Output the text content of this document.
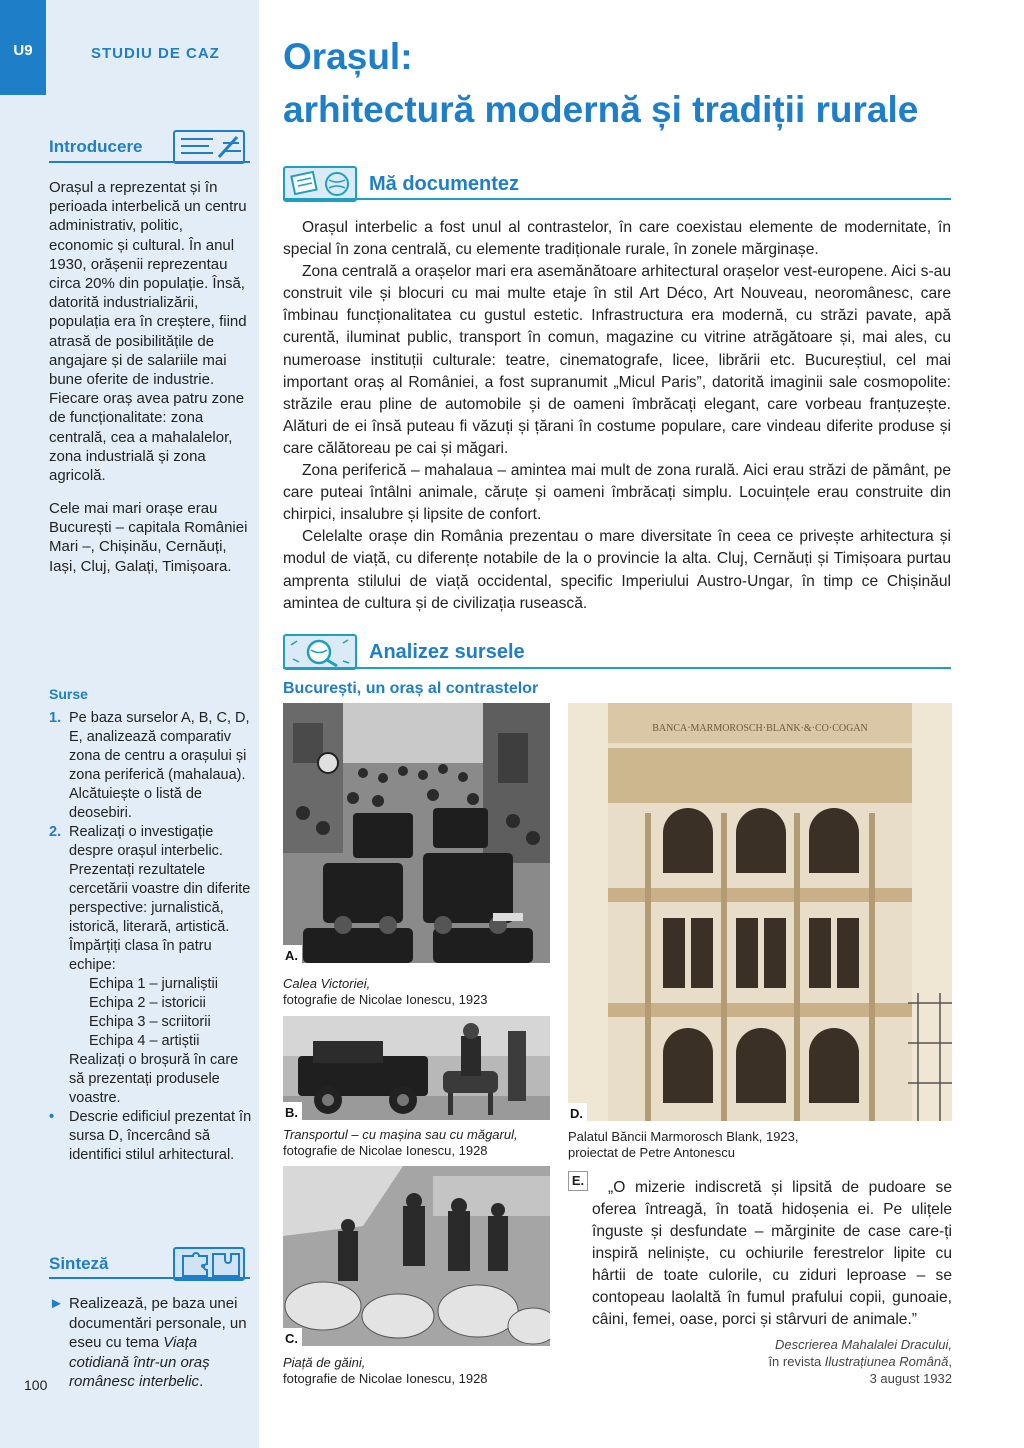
U9	STUDIU DE CAZ
Introducere
Orașul a reprezentat și în perioada interbelică un centru administrativ, politic, economic și cultural. În anul 1930, orășenii reprezentau circa 20% din populație. Însă, datorită industrializării, populația era în creștere, fiind atrasă de posibilitățile de angajare și de salariile mai bune oferite de industrie. Fiecare oraș avea patru zone de funcționalitate: zona centrală, cea a mahalalelor, zona industrială și zona agricolă.
Cele mai mari orașe erau București – capitala României Mari –, Chișinău, Cernăuți, Iași, Cluj, Galați, Timișoara.
Surse
1. Pe baza surselor A, B, C, D, E, analizează comparativ zona de centru a orașului și zona periferică (mahalaua). Alcătuiește o listă de deosebiri.
2. Realizați o investigație despre orașul interbelic. Prezentați rezultatele cercetării voastre din diferite perspective: jurnalistică, istorică, literară, artistică. Împărțiți clasa în patru echipe:
Echipa 1 – jurnaliștii
Echipa 2 – istoricii
Echipa 3 – scriitorii
Echipa 4 – artiștii
Realizați o broșură în care să prezentați produsele voastre.
• Descrie edificiul prezentat în sursa D, încercând să identifici stilul arhitectural.
Sinteză
► Realizează, pe baza unei documentări personale, un eseu cu tema Viața cotidiană într-un oraș românesc interbelic.
100
Orașul:
arhitectură modernă și tradiții rurale
Mă documentez

Orașul interbelic a fost unul al contrastelor, în care coexistau elemente de modernitate, în special în zona centrală, cu elemente tradiționale rurale, în zonele mărginașe.

Zona centrală a orașelor mari era asemănătoare arhitectural orașelor vest-europene. Aici s-au construit vile și blocuri cu mai multe etaje în stil Art Déco, Art Nouveau, neoromânesc, care îmbinau funcționalitatea cu gustul estetic. Infrastructura era modernă, cu străzi pavate, apă curentă, iluminat public, transport în comun, magazine cu vitrine atrăgătoare și, mai ales, cu numeroase instituții culturale: teatre, cinematografe, licee, librării etc. Bucureștiul, cel mai important oraș al României, a fost supranumit „Micul Paris”, datorită imaginii sale cosmopolite: străzile erau pline de automobile și de oameni îmbrăcați elegant, care vorbeau franțuzește. Alături de ei însă puteau fi văzuți și țărani în costume populare, care vindeau diferite produse și care călătoreau pe cai și măgari.

Zona periferică – mahalaua – amintea mai mult de zona rurală. Aici erau străzi de pământ, pe care puteai întâlni animale, căruțe și oameni îmbrăcați simplu. Locuințele erau construite din chirpici, insalubre și lipsite de confort.

Celelalte orașe din România prezentau o mare diversitate în ceea ce privește arhitectura și modul de viață, cu diferențe notabile de la o provincie la alta. Cluj, Cernăuți și Timișoara purtau amprenta stilului de viață occidental, specific Imperiului Austro-Ungar, în timp ce Chișinăul amintea de cultura și de civilizația rusească.

Analizez sursele
București, un oraș al contrastelor
A.
Calea Victoriei,
fotografie de Nicolae Ionescu, 1923
B.
Transportul – cu mașina sau cu măgarul,
fotografie de Nicolae Ionescu, 1928
C.
Piață de găini,
fotografie de Nicolae Ionescu, 1928
BANCA·MARMOROSCH·BLANK·&·CO·COGAN
D.
Palatul Băncii Marmorosch Blank, 1923,
proiectat de Petre Antonescu
E.	„O mizerie indiscretă și lipsită de pudoare se oferea întreagă, în toată hidoșenia ei. Pe ulițele înguste și desfundate – mărginite de case care-ți inspiră neliniște, cu ochiurile ferestrelor lipite cu hârtii de toate culorile, cu ziduri leproase – se contopeau laolaltă în fumul prafului copii, gunoaie, câini, femei, oase, porci și stârvuri de animale.”
Descrierea Mahalalei Dracului,
în revista Ilustrațiunea Română,
3 august 1932
